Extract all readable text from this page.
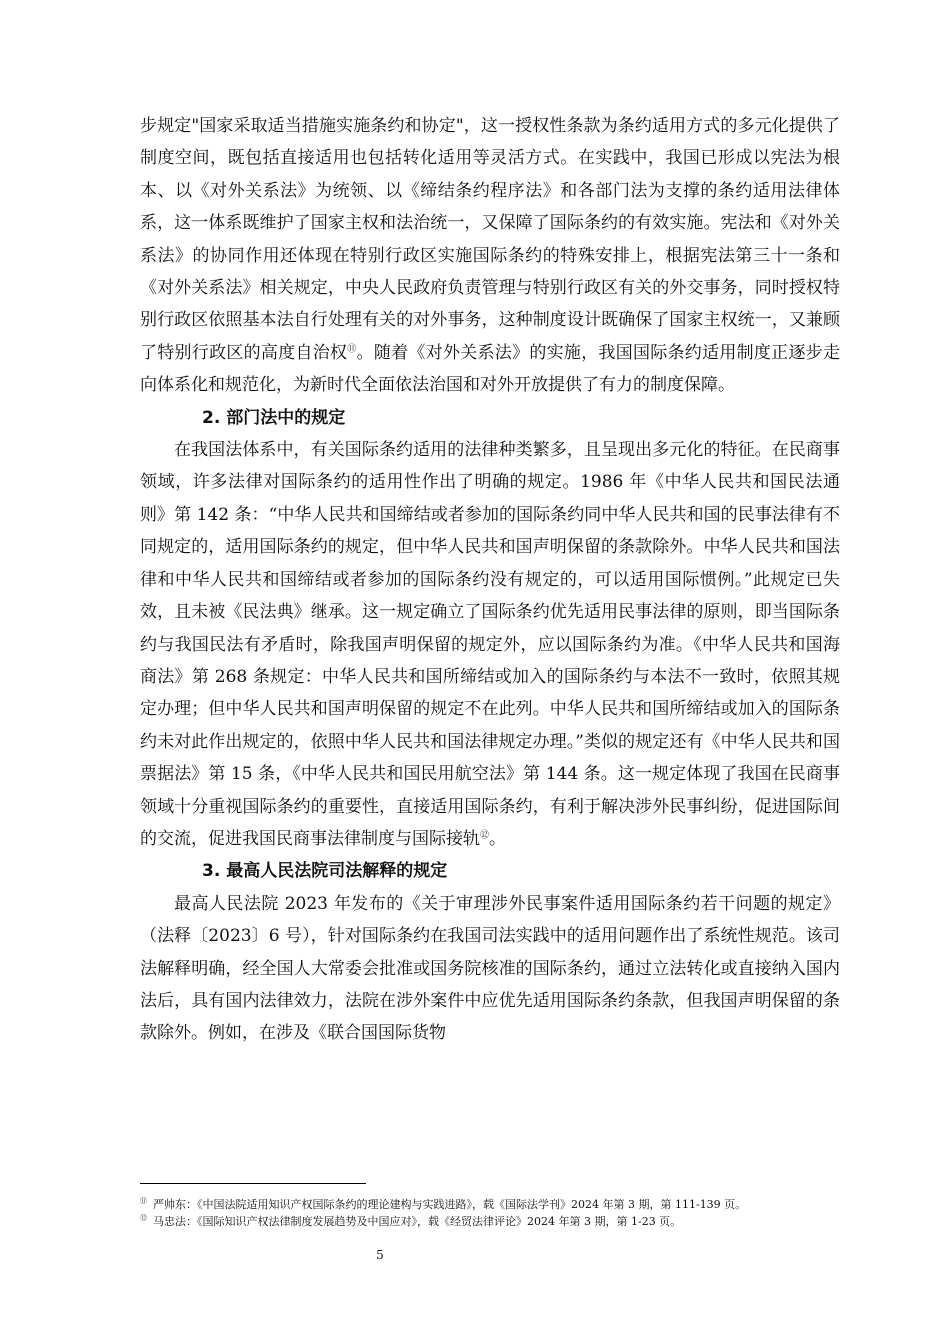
步规定"国家采取适当措施实施条约和协定"，这一授权性条款为条约适用方式的多元化提供了制度空间，既包括直接适用也包括转化适用等灵活方式。在实践中，我国已形成以宪法为根本、以《对外关系法》为统领、以《缔结条约程序法》和各部门法为支撑的条约适用法律体系，这一体系既维护了国家主权和法治统一，又保障了国际条约的有效实施。宪法和《对外关系法》的协同作用还体现在特别行政区实施国际条约的特殊安排上，根据宪法第三十一条和《对外关系法》相关规定，中央人民政府负责管理与特别行政区有关的外交事务，同时授权特别行政区依照基本法自行处理有关的对外事务，这种制度设计既确保了国家主权统一，又兼顾了特别行政区的高度自治权⑪。随着《对外关系法》的实施，我国国际条约适用制度正逐步走向体系化和规范化，为新时代全面依法治国和对外开放提供了有力的制度保障。

2. 部门法中的规定

在我国法体系中，有关国际条约适用的法律种类繁多，且呈现出多元化的特征。在民商事领域，许多法律对国际条约的适用性作出了明确的规定。1986 年《中华人民共和国民法通则》第 142 条：“中华人民共和国缔结或者参加的国际条约同中华人民共和国的民事法律有不同规定的，适用国际条约的规定，但中华人民共和国声明保留的条款除外。中华人民共和国法律和中华人民共和国缔结或者参加的国际条约没有规定的，可以适用国际惯例。”此规定已失效，且未被《民法典》继承。这一规定确立了国际条约优先适用民事法律的原则，即当国际条约与我国民法有矛盾时，除我国声明保留的规定外，应以国际条约为准。《中华人民共和国海商法》第 268 条规定：中华人民共和国所缔结或加入的国际条约与本法不一致时，依照其规定办理；但中华人民共和国声明保留的规定不在此列。中华人民共和国所缔结或加入的国际条约未对此作出规定的，依照中华人民共和国法律规定办理。”类似的规定还有《中华人民共和国票据法》第 15 条，《中华人民共和国民用航空法》第 144 条。这一规定体现了我国在民商事领域十分重视国际条约的重要性，直接适用国际条约，有利于解决涉外民事纠纷，促进国际间的交流，促进我国民商事法律制度与国际接轨⑫。

3. 最高人民法院司法解释的规定

最高人民法院 2023 年发布的《关于审理涉外民事案件适用国际条约若干问题的规定》（法释〔2023〕6 号），针对国际条约在我国司法实践中的适用问题作出了系统性规范。该司法解释明确，经全国人大常委会批准或国务院核准的国际条约，通过立法转化或直接纳入国内法后，具有国内法律效力，法院在涉外案件中应优先适用国际条约条款，但我国声明保留的条款除外。例如，在涉及《联合国国际货物

⑪ 严帅东：《中国法院适用知识产权国际条约的理论建构与实践进路》，载《国际法学刊》2024 年第 3 期，第 111-139 页。

⑫ 马忠法：《国际知识产权法律制度发展趋势及中国应对》，载《经贸法律评论》2024 年第 3 期，第 1-23 页。

5
